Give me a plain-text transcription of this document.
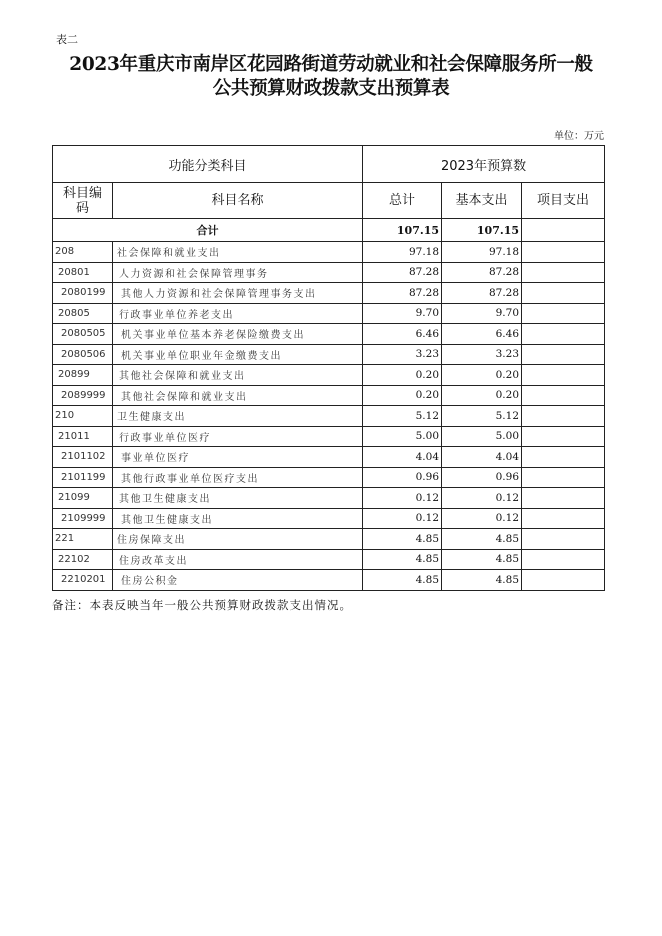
表二
2023年重庆市南岸区花园路街道劳动就业和社会保障服务所一般
公共预算财政拨款支出预算表
单位：万元
功能分类科目		2023年预算数		
科目编码	科目名称	总计	基本支出	项目支出
合计		107.15	107.15	
208	社会保障和就业支出	97.18	97.18	
20801	人力资源和社会保障管理事务	87.28	87.28	
2080199	其他人力资源和社会保障管理事务支出	87.28	87.28	
20805	行政事业单位养老支出	9.70	9.70	
2080505	机关事业单位基本养老保险缴费支出	6.46	6.46	
2080506	机关事业单位职业年金缴费支出	3.23	3.23	
20899	其他社会保障和就业支出	0.20	0.20	
2089999	其他社会保障和就业支出	0.20	0.20	
210	卫生健康支出	5.12	5.12	
21011	行政事业单位医疗	5.00	5.00	
2101102	事业单位医疗	4.04	4.04	
2101199	其他行政事业单位医疗支出	0.96	0.96	
21099	其他卫生健康支出	0.12	0.12	
2109999	其他卫生健康支出	0.12	0.12	
221	住房保障支出	4.85	4.85	
22102	住房改革支出	4.85	4.85	
2210201	住房公积金	4.85	4.85	
备注：本表反映当年一般公共预算财政拨款支出情况。
